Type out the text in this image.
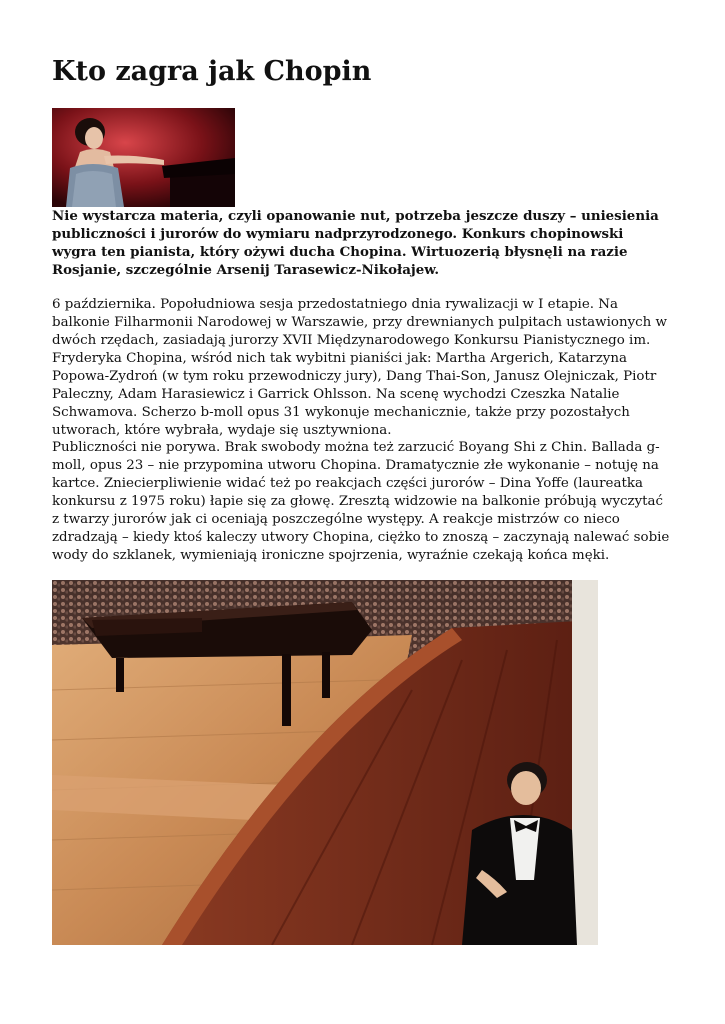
Kto zagra jak Chopin

Nie wystarcza materia, czyli opanowanie nut, potrzeba jeszcze duszy – uniesienia publiczności i jurorów do wymiaru nadprzyrodzonego. Konkurs chopinowski wygra ten pianista, który ożywi ducha Chopina. Wirtuozerią błysnęli na razie Rosjanie, szczególnie Arsenij Tarasewicz-Nikołajew.

6 października. Popołudniowa sesja przedostatniego dnia rywalizacji w I etapie. Na balkonie Filharmonii Narodowej w Warszawie, przy drewnianych pulpitach ustawionych w dwóch rzędach, zasiadają jurorzy XVII Międzynarodowego Konkursu Pianistycznego im. Fryderyka Chopina, wśród nich tak wybitni pianiści jak: Martha Argerich, Katarzyna Popowa-Zydroń (w tym roku przewodniczy jury), Dang Thai-Son, Janusz Olejniczak, Piotr Paleczny, Adam Harasiewicz i Garrick Ohlsson. Na scenę wychodzi Czeszka Natalie Schwamova. Scherzo b-moll opus 31 wykonuje mechanicznie, także przy pozostałych utworach, które wybrała, wydaje się usztywniona.

Publiczności nie porywa. Brak swobody można też zarzucić Boyang Shi z Chin. Ballada g-moll, opus 23 – nie przypomina utworu Chopina. Dramatycznie złe wykonanie – notuję na kartce. Zniecierpliwienie widać też po reakcjach części jurorów – Dina Yoffe (laureatka konkursu z 1975 roku) łapie się za głowę. Zresztą widzowie na balkonie próbują wyczytać z twarzy jurorów jak ci oceniają poszczególne występy. A reakcje mistrzów co nieco zdradzają – kiedy ktoś kaleczy utwory Chopina, ciężko to znoszą – zaczynają nalewać sobie wody do szklanek, wymieniają ironiczne spojrzenia, wyraźnie czekają końca męki.
